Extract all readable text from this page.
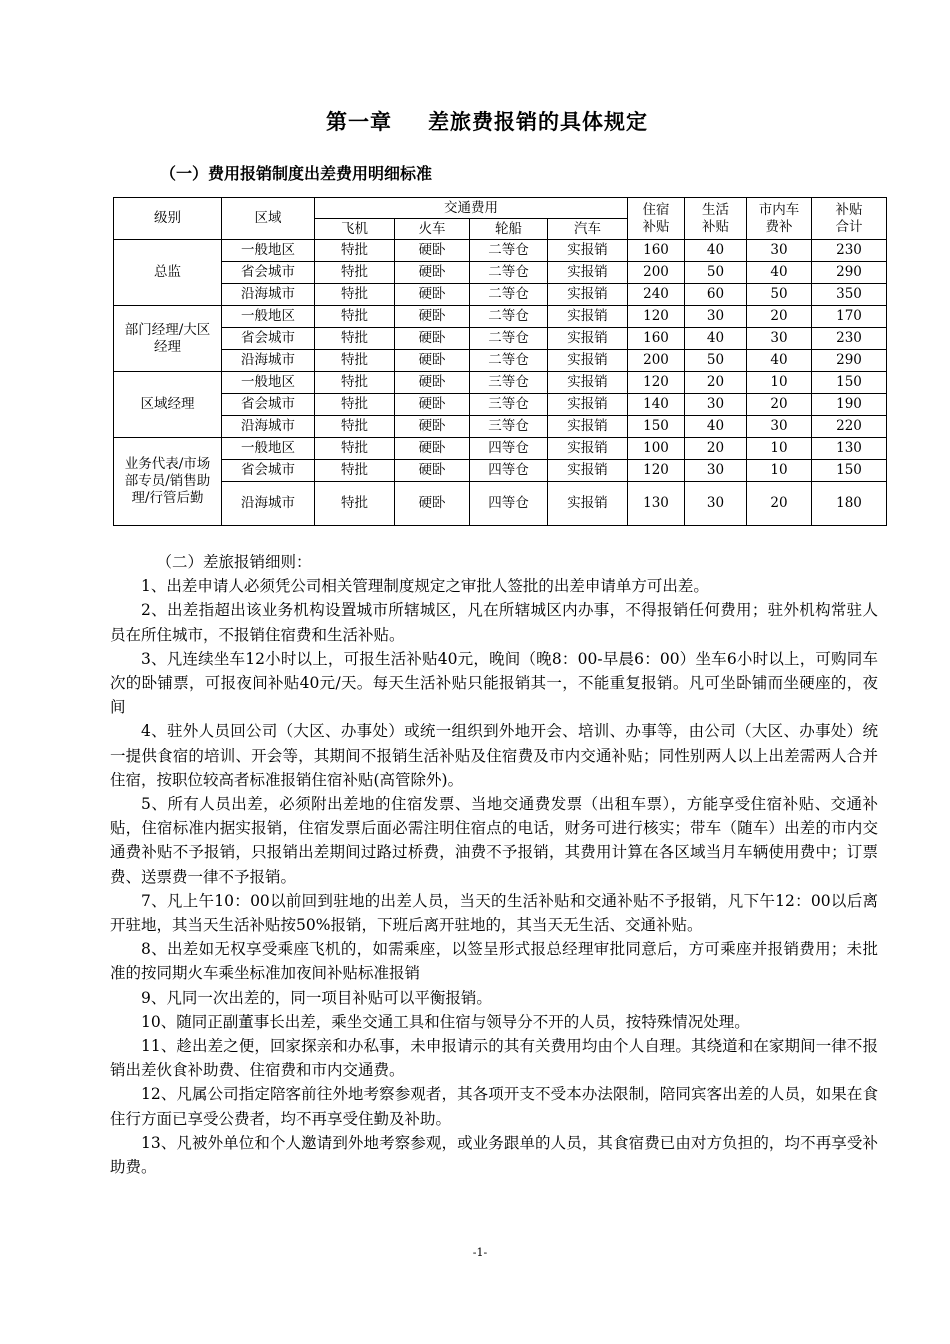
第一章 差旅费报销的具体规定
（一）费用报销制度出差费用明细标准
级别	区域	交通费用				住宿补贴	生活补贴	市内车费补	补贴合计

		飞机	火车	轮船	汽车				

总监	一般地区	特批	硬卧	二等仓	实报销	160	40	30	230
	省会城市	特批	硬卧	二等仓	实报销	200	50	40	290
	沿海城市	特批	硬卧	二等仓	实报销	240	60	50	350

部门经理/大区经理	一般地区	特批	硬卧	二等仓	实报销	120	30	20	170
	省会城市	特批	硬卧	二等仓	实报销	160	40	30	230
	沿海城市	特批	硬卧	二等仓	实报销	200	50	40	290

区域经理	一般地区	特批	硬卧	三等仓	实报销	120	20	10	150
	省会城市	特批	硬卧	三等仓	实报销	140	30	20	190
	沿海城市	特批	硬卧	三等仓	实报销	150	40	30	220

业务代表/市场部专员/销售助理/行管后勤	一般地区	特批	硬卧	四等仓	实报销	100	20	10	130
	省会城市	特批	硬卧	四等仓	实报销	120	30	10	150
	沿海城市	特批	硬卧	四等仓	实报销	130	30	20	180

（二）差旅报销细则：

1、出差申请人必须凭公司相关管理制度规定之审批人签批的出差申请单方可出差。

2、出差指超出该业务机构设置城市所辖城区，凡在所辖城区内办事，不得报销任何费用；驻外机构常驻人员在所住城市，不报销住宿费和生活补贴。

3、凡连续坐车12小时以上，可报生活补贴40元，晚间（晚8：00-早晨6：00）坐车6小时以上，可购同车次的卧铺票，可报夜间补贴40元/天。每天生活补贴只能报销其一，不能重复报销。凡可坐卧铺而坐硬座的，夜间

4、驻外人员回公司（大区、办事处）或统一组织到外地开会、培训、办事等，由公司（大区、办事处）统一提供食宿的培训、开会等，其期间不报销生活补贴及住宿费及市内交通补贴；同性别两人以上出差需两人合并住宿，按职位较高者标准报销住宿补贴(高管除外)。

5、所有人员出差，必须附出差地的住宿发票、当地交通费发票（出租车票），方能享受住宿补贴、交通补贴，住宿标准内据实报销，住宿发票后面必需注明住宿点的电话，财务可进行核实；带车（随车）出差的市内交通费补贴不予报销，只报销出差期间过路过桥费，油费不予报销，其费用计算在各区域当月车辆使用费中；订票费、送票费一律不予报销。

7、凡上午10：00以前回到驻地的出差人员，当天的生活补贴和交通补贴不予报销，凡下午12：00以后离开驻地，其当天生活补贴按50%报销，下班后离开驻地的，其当天无生活、交通补贴。

8、出差如无权享受乘座飞机的，如需乘座，以签呈形式报总经理审批同意后，方可乘座并报销费用；未批准的按同期火车乘坐标准加夜间补贴标准报销

9、凡同一次出差的，同一项目补贴可以平衡报销。

10、随同正副董事长出差，乘坐交通工具和住宿与领导分不开的人员，按特殊情况处理。

11、趁出差之便，回家探亲和办私事，未申报请示的其有关费用均由个人自理。其绕道和在家期间一律不报销出差伙食补助费、住宿费和市内交通费。

12、凡属公司指定陪客前往外地考察参观者，其各项开支不受本办法限制，陪同宾客出差的人员，如果在食住行方面已享受公费者，均不再享受住勤及补助。

13、凡被外单位和个人邀请到外地考察参观，或业务跟单的人员，其食宿费已由对方负担的，均不再享受补助费。

-1-
